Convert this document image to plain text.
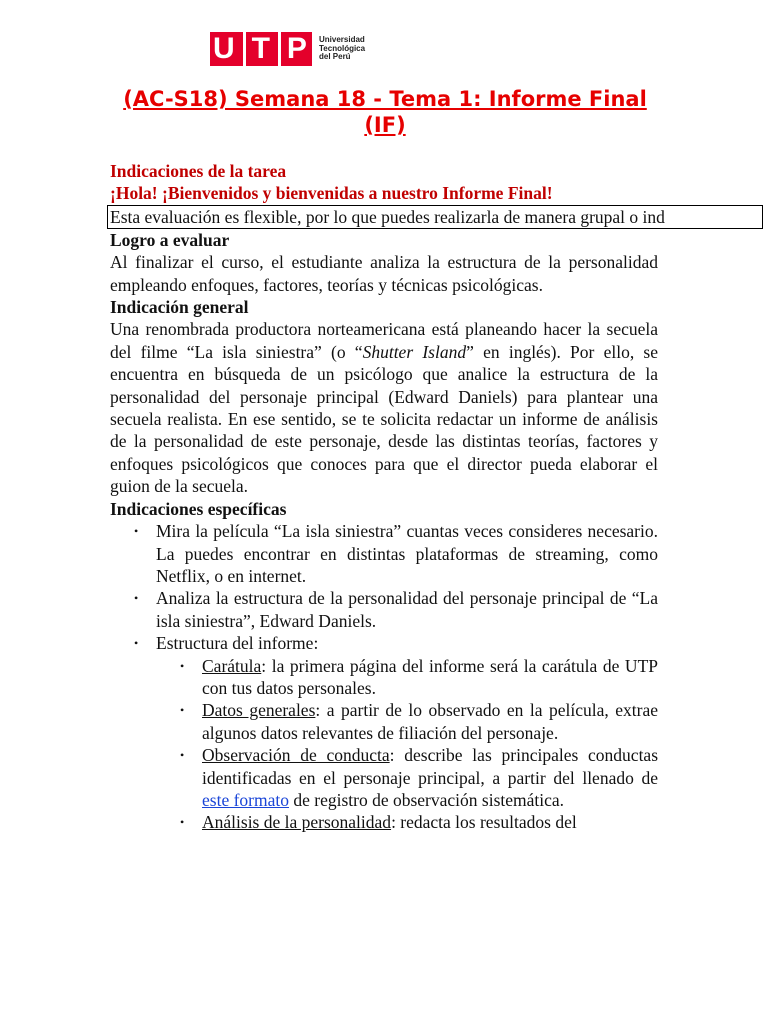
U T P Universidad
Tecnológica
del Perú
(AC-S18) Semana 18 - Tema 1: Informe Final (IF)

Indicaciones de la tarea

¡Hola! ¡Bienvenidos y bienvenidas a nuestro Informe Final!

Esta evaluación es flexible, por lo que puedes realizarla de manera grupal o ind

Logro a evaluar

Al finalizar el curso, el estudiante analiza la estructura de la personalidad empleando enfoques, factores, teorías y técnicas psicológicas.

Indicación general

Una renombrada productora norteamericana está planeando hacer la secuela del filme “La isla siniestra” (o “Shutter Island” en inglés). Por ello, se encuentra en búsqueda de un psicólogo que analice la estructura de la personalidad del personaje principal (Edward Daniels) para plantear una secuela realista. En ese sentido, se te solicita redactar un informe de análisis de la personalidad de este personaje, desde las distintas teorías, factores y enfoques psicológicos que conoces para que el director pueda elaborar el guion de la secuela.

Indicaciones específicas

• Mira la película “La isla siniestra” cuantas veces consideres necesario. La puedes encontrar en distintas plataformas de streaming, como Netflix, o en internet.
• Analiza la estructura de la personalidad del personaje principal de “La isla siniestra”, Edward Daniels.
• Estructura del informe:
• Carátula: la primera página del informe será la carátula de UTP con tus datos personales.
• Datos generales: a partir de lo observado en la película, extrae algunos datos relevantes de filiación del personaje.
• Observación de conducta: describe las principales conductas identificadas en el personaje principal, a partir del llenado de este formato de registro de observación sistemática.
• Análisis de la personalidad: redacta los resultados del
